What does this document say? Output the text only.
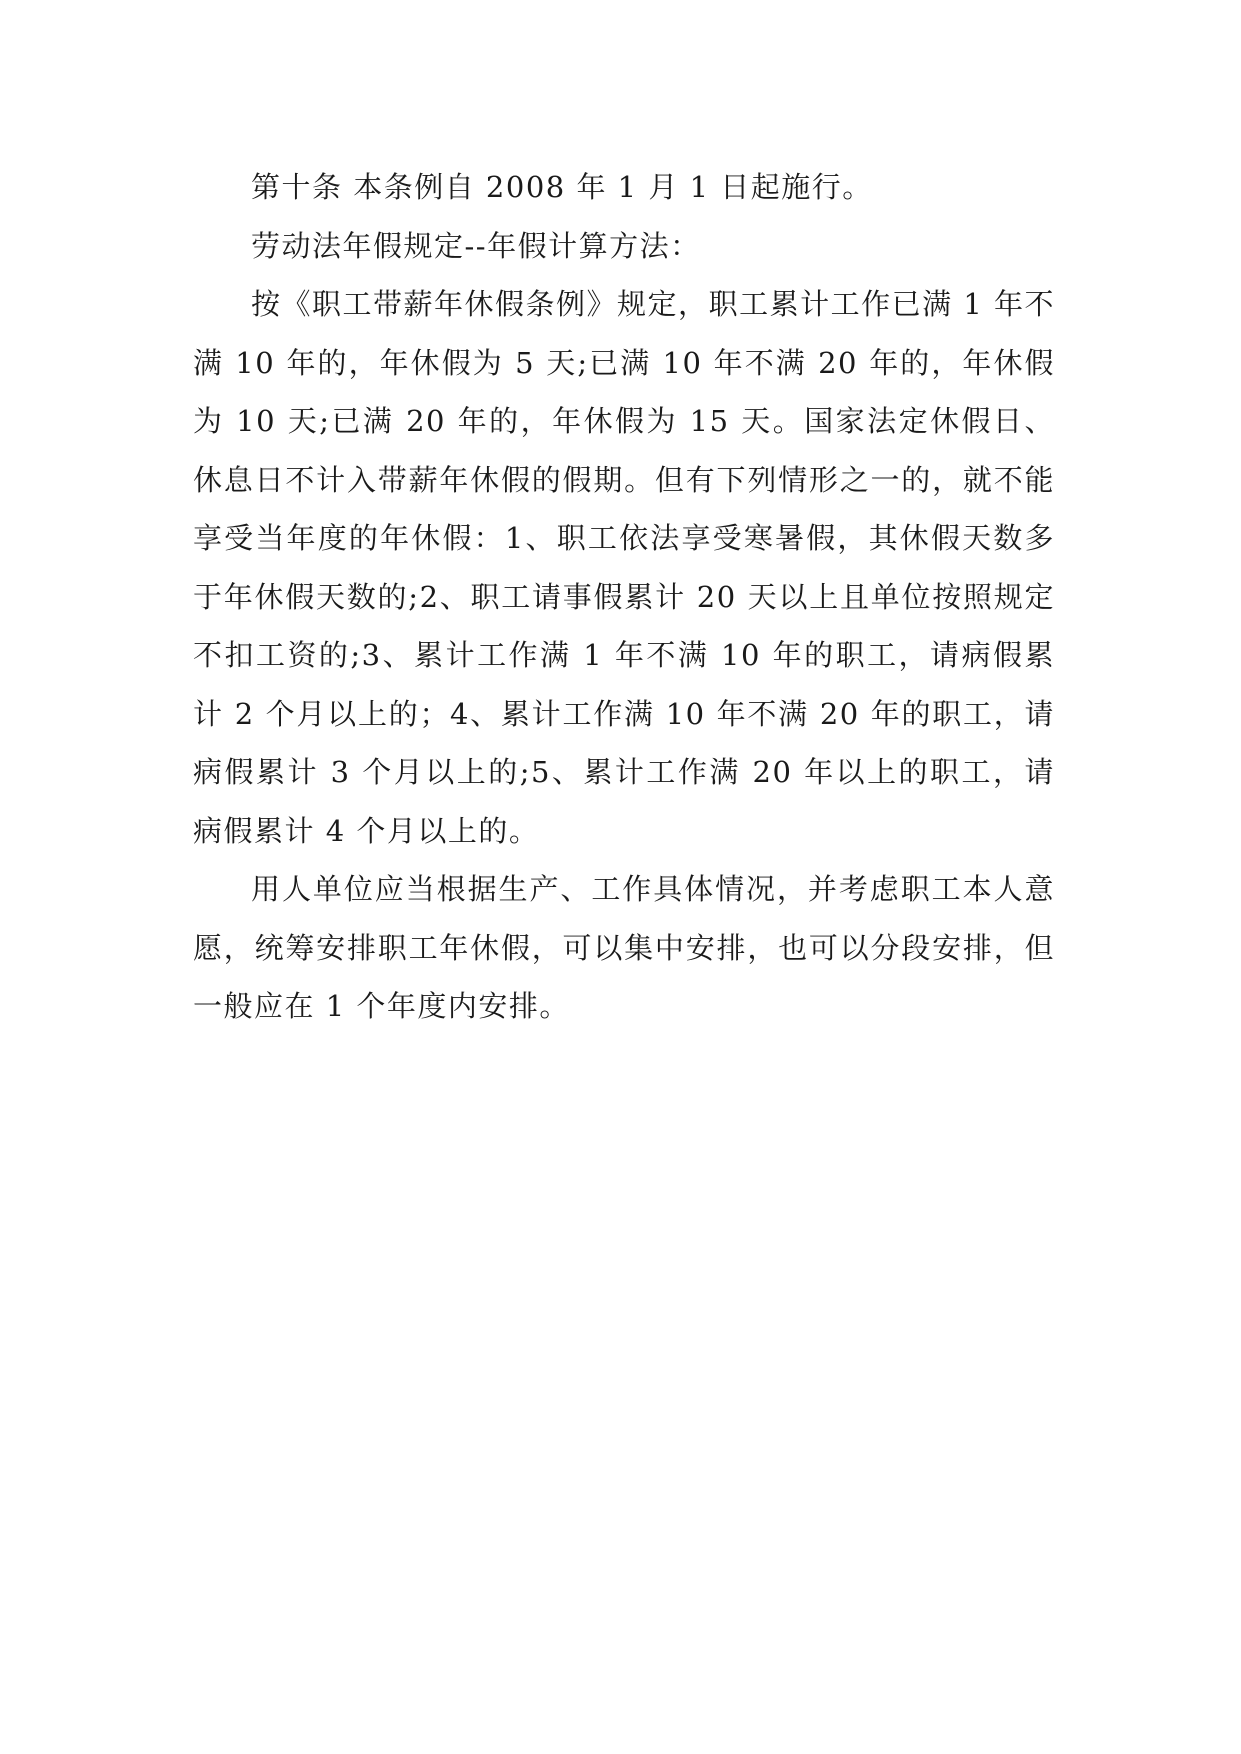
第十条 本条例自 2008 年 1 月 1 日起施行。

劳动法年假规定--年假计算方法：

按《职工带薪年休假条例》规定，职工累计工作已满 1 年不满 10 年的，年休假为 5 天;已满 10 年不满 20 年的，年休假为 10 天;已满 20 年的，年休假为 15 天。国家法定休假日、休息日不计入带薪年休假的假期。但有下列情形之一的，就不能享受当年度的年休假：1、职工依法享受寒暑假，其休假天数多于年休假天数的;2、职工请事假累计 20 天以上且单位按照规定不扣工资的;3、累计工作满 1 年不满 10 年的职工，请病假累计 2 个月以上的；4、累计工作满 10 年不满 20 年的职工，请病假累计 3 个月以上的;5、累计工作满 20 年以上的职工，请病假累计 4 个月以上的。

用人单位应当根据生产、工作具体情况，并考虑职工本人意愿，统筹安排职工年休假，可以集中安排，也可以分段安排，但一般应在 1 个年度内安排。
